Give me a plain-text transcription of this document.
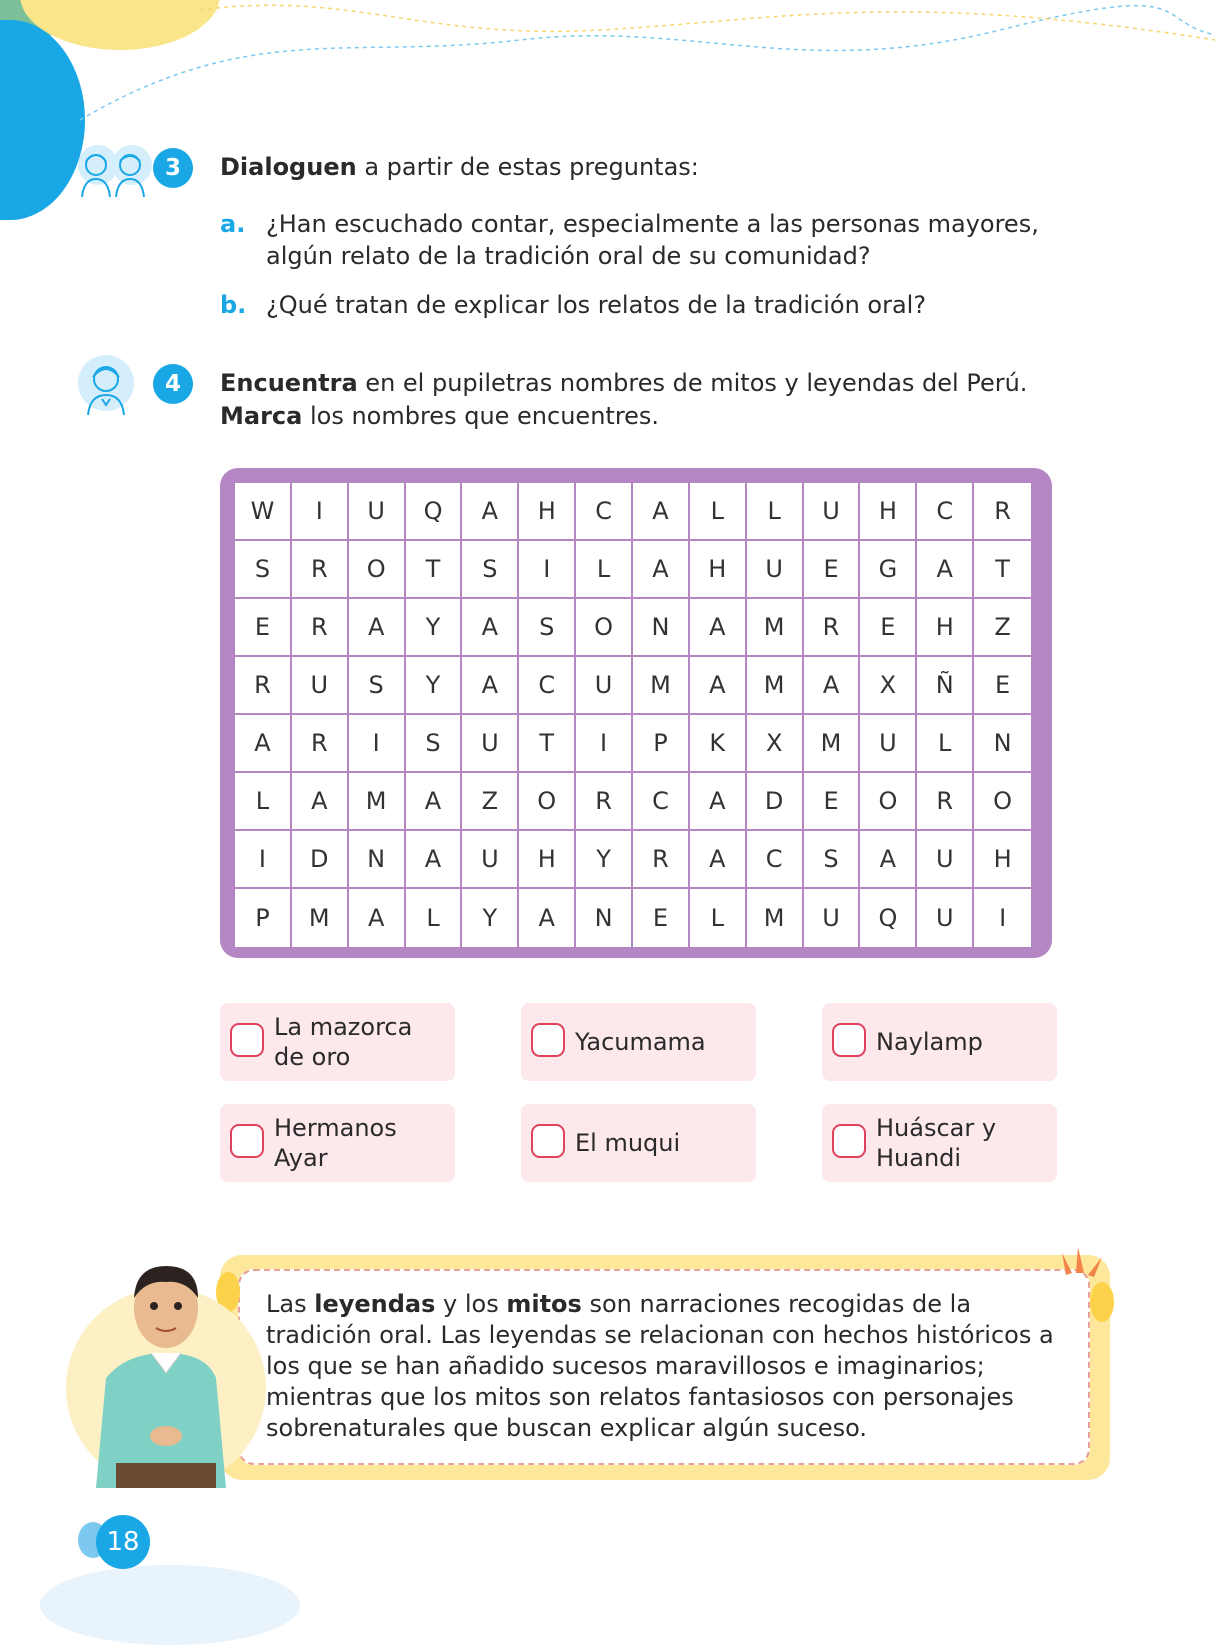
3 Dialoguen a partir de estas preguntas:
a. ¿Han escuchado contar, especialmente a las personas mayores, algún relato de la tradición oral de su comunidad?
b. ¿Qué tratan de explicar los relatos de la tradición oral?
4 Encuentra en el pupiletras nombres de mitos y leyendas del Perú.
Marca los nombres que encuentres.
W	I	U	Q	A	H	C	A	L	L	U	H	C	R
S	R	O	T	S	I	L	A	H	U	E	G	A	T
E	R	A	Y	A	S	O	N	A	M	R	E	H	Z
R	U	S	Y	A	C	U	M	A	M	A	X	Ñ	E
A	R	I	S	U	T	I	P	K	X	M	U	L	N
L	A	M	A	Z	O	R	C	A	D	E	O	R	O
I	D	N	A	U	H	Y	R	A	C	S	A	U	H
P	M	A	L	Y	A	N	E	L	M	U	Q	U	I
La mazorca de oro
Yacumama	Naylamp
Hermanos Ayar
El muqui
Huáscar y Huandi
Las leyendas y los mitos son narraciones recogidas de la tradición oral. Las leyendas se relacionan con hechos históricos a los que se han añadido sucesos maravillosos e imaginarios; mientras que los mitos son relatos fantasiosos con personajes sobrenaturales que buscan explicar algún suceso.
18
